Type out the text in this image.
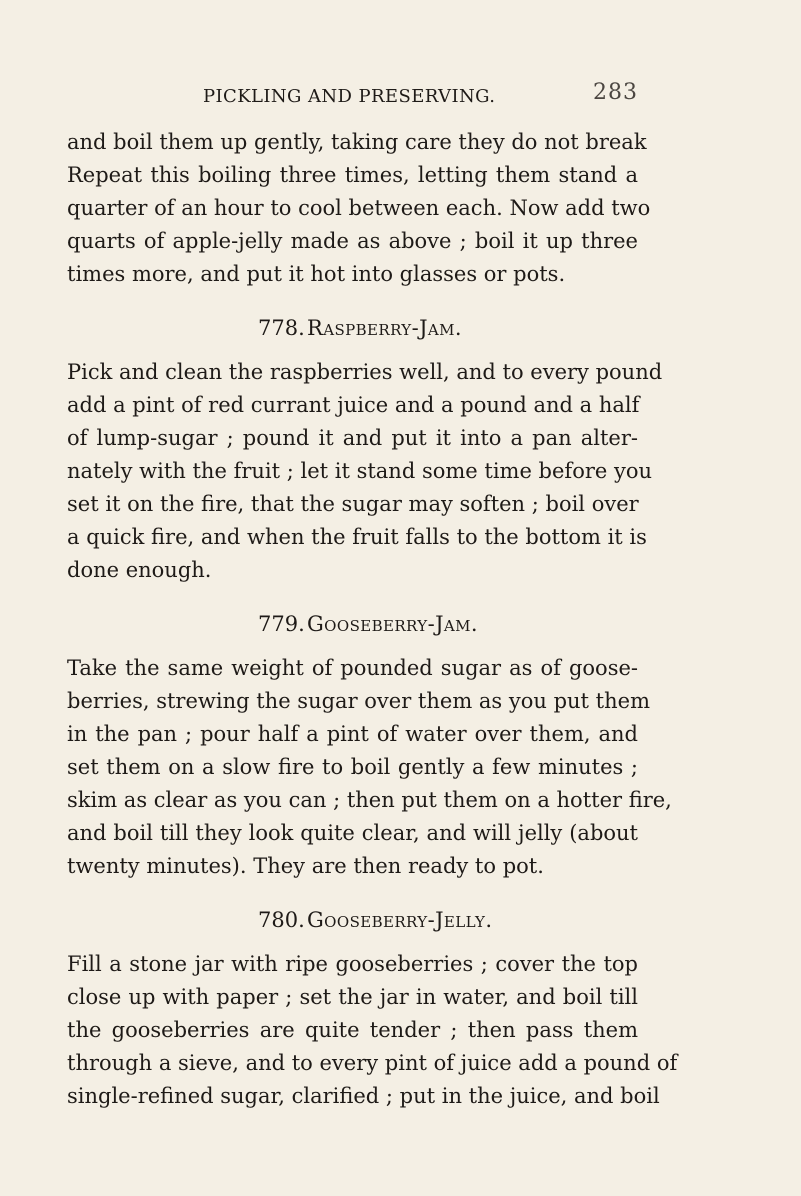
PICKLING AND PRESERVING.	283
and boil them up gently, taking care they do not break
Repeat this boiling three times, letting them stand a
quarter of an hour to cool between each. Now add two
quarts of apple-jelly made as above ; boil it up three
times more, and put it hot into glasses or pots.
778. Raspberry-Jam.
Pick and clean the raspberries well, and to every pound
add a pint of red currant juice and a pound and a half
of lump-sugar ; pound it and put it into a pan alter-
nately with the fruit ; let it stand some time before you
set it on the fire, that the sugar may soften ; boil over
a quick fire, and when the fruit falls to the bottom it is
done enough.
779. Gooseberry-Jam.
Take the same weight of pounded sugar as of goose-
berries, strewing the sugar over them as you put them
in the pan ; pour half a pint of water over them, and
set them on a slow fire to boil gently a few minutes ;
skim as clear as you can ; then put them on a hotter fire,
and boil till they look quite clear, and will jelly (about
twenty minutes). They are then ready to pot.
780. Gooseberry-Jelly.
Fill a stone jar with ripe gooseberries ; cover the top
close up with paper ; set the jar in water, and boil till
the gooseberries are quite tender ; then pass them
through a sieve, and to every pint of juice add a pound of
single-refined sugar, clarified ; put in the juice, and boil
